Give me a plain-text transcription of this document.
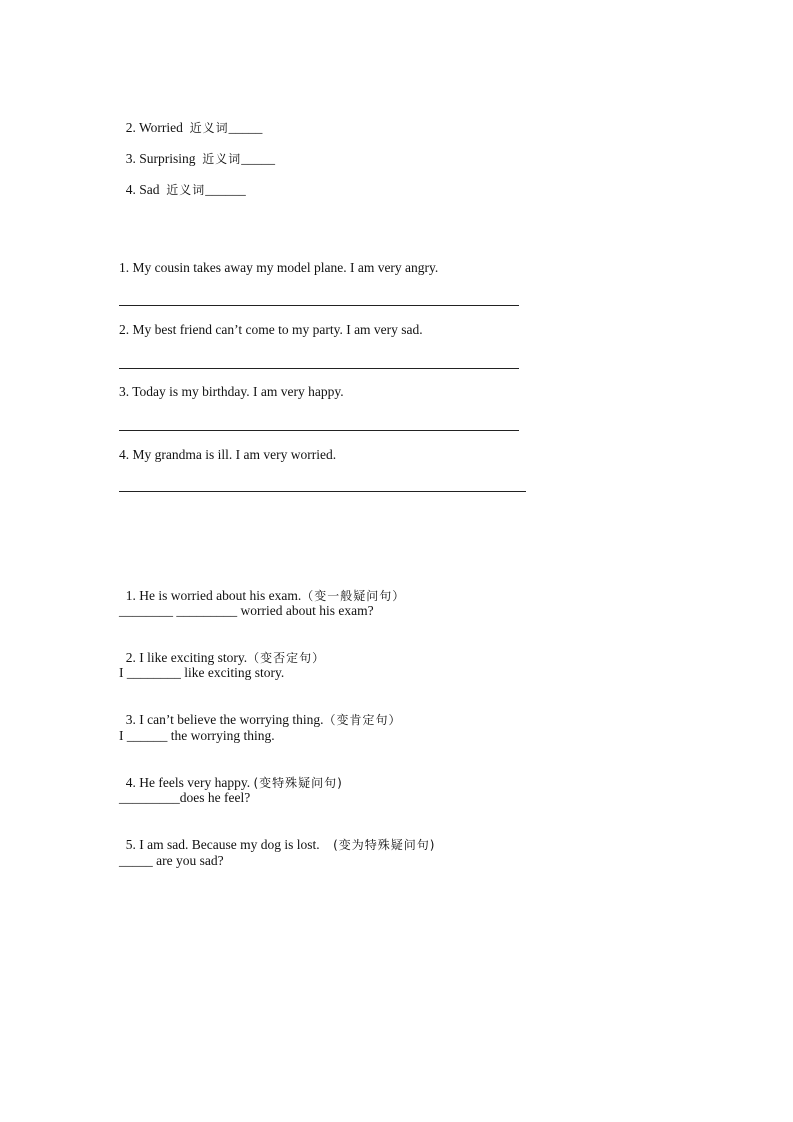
2. Worried 近义词_____

3. Surprising 近义词_____

4. Sad 近义词______

1. My cousin takes away my model plane. I am very angry.
2. My best friend can’t come to my party. I am very sad.
3. Today is my birthday. I am very happy.
4. My grandma is ill. I am very worried.

1. He is worried about his exam.（变一般疑问句）

________ _________ worried about his exam?

2. I like exciting story.（变否定句）

I ________ like exciting story.

3. I can’t believe the worrying thing.（变肯定句）

I ______ the worrying thing.

4. He feels very happy. (变特殊疑问句)

_________does he feel?

5. I am sad. Because my dog is lost.    (变为特殊疑问句)

_____ are you sad?
